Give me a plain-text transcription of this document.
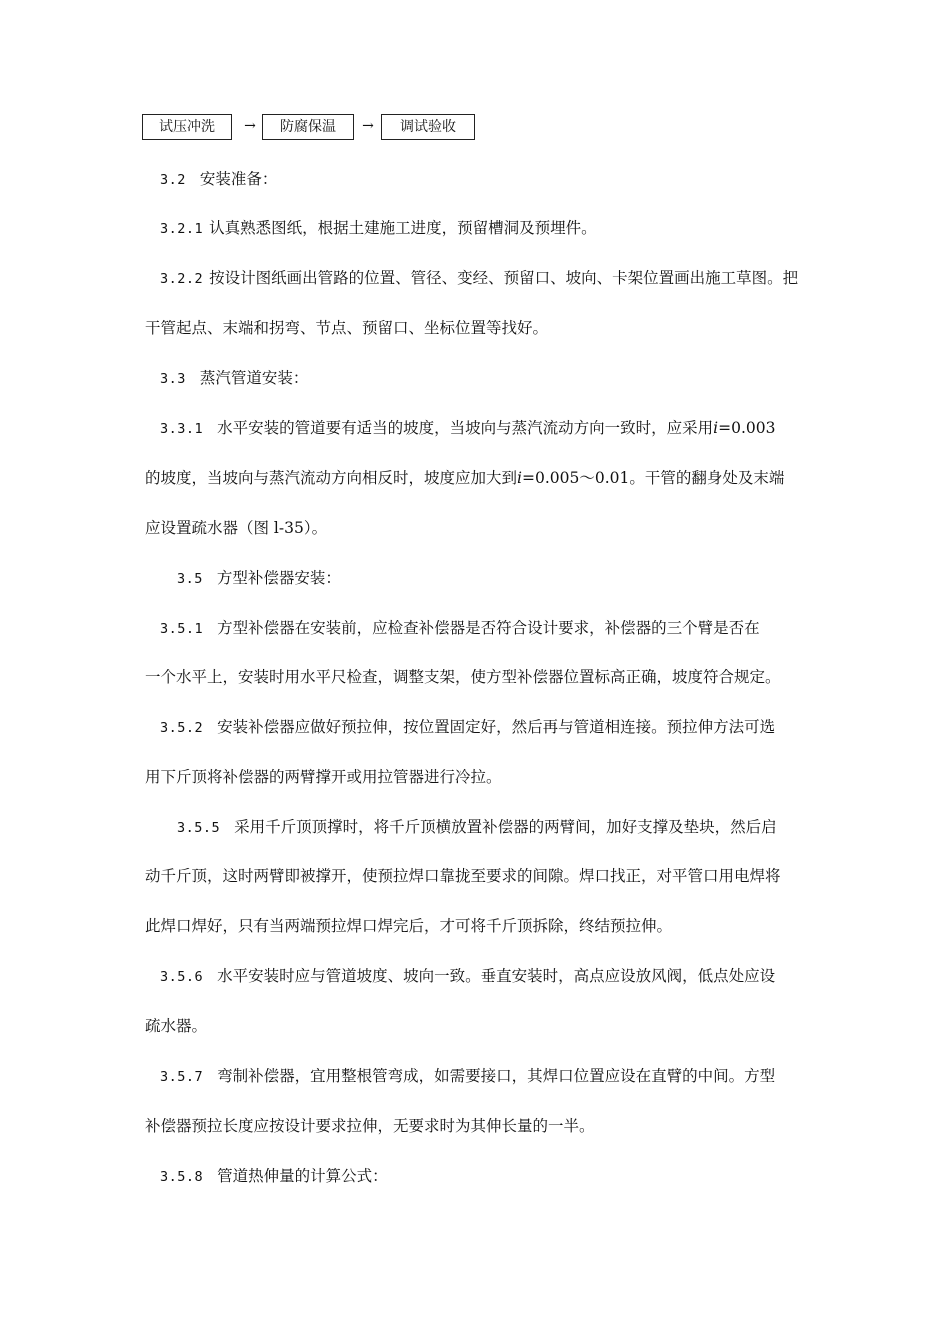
试压冲洗	→	防腐保温	→	调试验收
3.2 安装准备：
3.2.1 认真熟悉图纸，根据土建施工进度，预留槽洞及预埋件。
3.2.2 按设计图纸画出管路的位置、管径、变经、预留口、坡向、卡架位置画出施工草图。把
干管起点、末端和拐弯、节点、预留口、坐标位置等找好。
3.3 蒸汽管道安装：
3.3.1 水平安装的管道要有适当的坡度，当坡向与蒸汽流动方向一致时，应采用i=0.003
的坡度，当坡向与蒸汽流动方向相反时，坡度应加大到i=0.005～0.01。干管的翻身处及末端
应设置疏水器（图 l-35）。
3.5 方型补偿器安装：
3.5.1 方型补偿器在安装前，应检查补偿器是否符合设计要求，补偿器的三个臂是否在
一个水平上，安装时用水平尺检查，调整支架，使方型补偿器位置标高正确，坡度符合规定。
3.5.2 安装补偿器应做好预拉伸，按位置固定好，然后再与管道相连接。预拉伸方法可选
用下斤顶将补偿器的两臂撑开或用拉管器进行冷拉。
3.5.5 采用千斤顶顶撑时，将千斤顶横放置补偿器的两臂间，加好支撑及垫块，然后启
动千斤顶，这时两臂即被撑开，使预拉焊口靠拢至要求的间隙。焊口找正，对平管口用电焊将
此焊口焊好，只有当两端预拉焊口焊完后，才可将千斤顶拆除，终结预拉伸。
3.5.6 水平安装时应与管道坡度、坡向一致。垂直安装时，高点应设放风阀，低点处应设
疏水器。
3.5.7 弯制补偿器，宜用整根管弯成，如需要接口，其焊口位置应设在直臂的中间。方型
补偿器预拉长度应按设计要求拉伸，无要求时为其伸长量的一半。
3.5.8 管道热伸量的计算公式：
